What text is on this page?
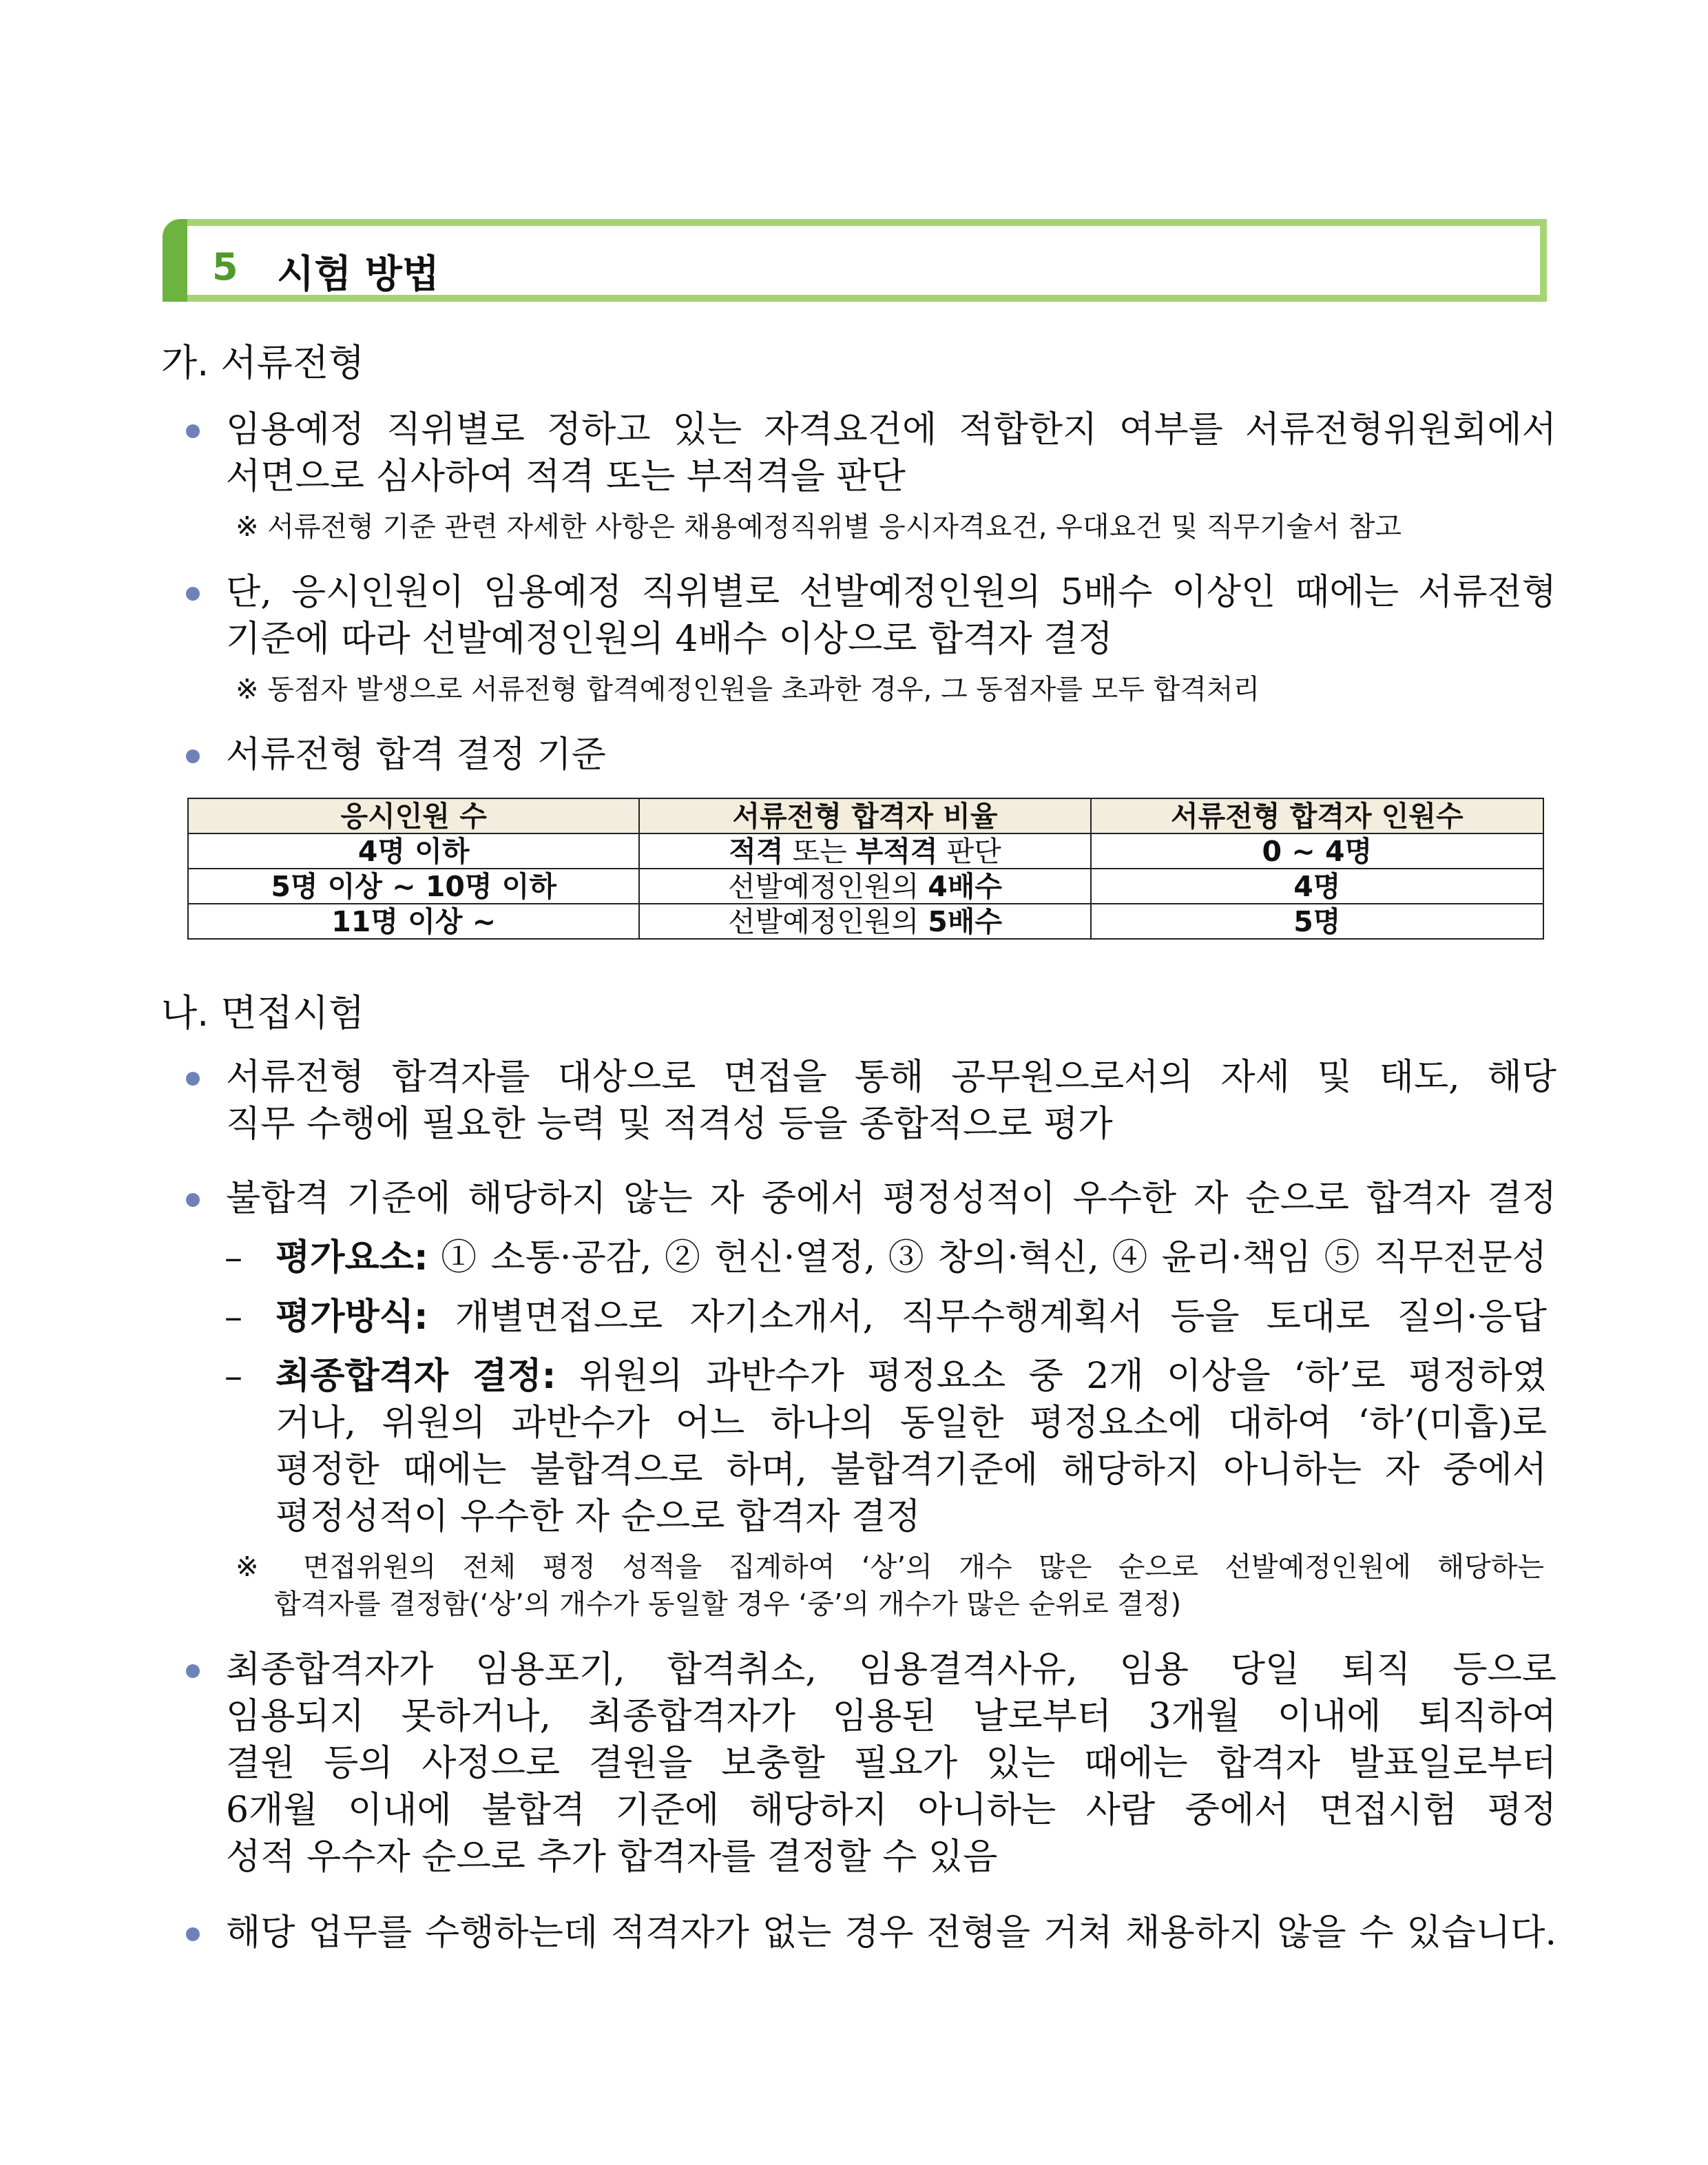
5 시험 방법
가. 서류전형
임용예정 직위별로 정하고 있는 자격요건에 적합한지 여부를 서류전형위원회에서
서면으로 심사하여 적격 또는 부적격을 판단
※ 서류전형 기준 관련 자세한 사항은 채용예정직위별 응시자격요건, 우대요건 및 직무기술서 참고
단, 응시인원이 임용예정 직위별로 선발예정인원의 5배수 이상인 때에는 서류전형
기준에 따라 선발예정인원의 4배수 이상으로 합격자 결정
※ 동점자 발생으로 서류전형 합격예정인원을 초과한 경우, 그 동점자를 모두 합격처리
서류전형 합격 결정 기준
응시인원 수	서류전형 합격자 비율	서류전형 합격자 인원수
4명 이하	적격 또는 부적격 판단	0 ~ 4명
5명 이상 ~ 10명 이하	선발예정인원의 4배수	4명
11명 이상 ~	선발예정인원의 5배수	5명
나. 면접시험
서류전형 합격자를 대상으로 면접을 통해 공무원으로서의 자세 및 태도, 해당
직무 수행에 필요한 능력 및 적격성 등을 종합적으로 평가
불합격 기준에 해당하지 않는 자 중에서 평정성적이 우수한 자 순으로 합격자 결정
– 평가요소: ① 소통·공감, ② 헌신·열정, ③ 창의·혁신, ④ 윤리·책임 ⑤ 직무전문성
– 평가방식: 개별면접으로 자기소개서, 직무수행계획서 등을 토대로 질의·응답
– 최종합격자 결정: 위원의 과반수가 평정요소 중 2개 이상을 ‘하’로 평정하였
거나, 위원의 과반수가 어느 하나의 동일한 평정요소에 대하여 ‘하’(미흡)로
평정한 때에는 불합격으로 하며, 불합격기준에 해당하지 아니하는 자 중에서
평정성적이 우수한 자 순으로 합격자 결정
※ 면접위원의 전체 평정 성적을 집계하여 ‘상’의 개수 많은 순으로 선발예정인원에 해당하는
합격자를 결정함(‘상’의 개수가 동일할 경우 ‘중’의 개수가 많은 순위로 결정)
최종합격자가 임용포기, 합격취소, 임용결격사유, 임용 당일 퇴직 등으로
임용되지 못하거나, 최종합격자가 임용된 날로부터 3개월 이내에 퇴직하여
결원 등의 사정으로 결원을 보충할 필요가 있는 때에는 합격자 발표일로부터
6개월 이내에 불합격 기준에 해당하지 아니하는 사람 중에서 면접시험 평정
성적 우수자 순으로 추가 합격자를 결정할 수 있음
해당 업무를 수행하는데 적격자가 없는 경우 전형을 거쳐 채용하지 않을 수 있습니다.
